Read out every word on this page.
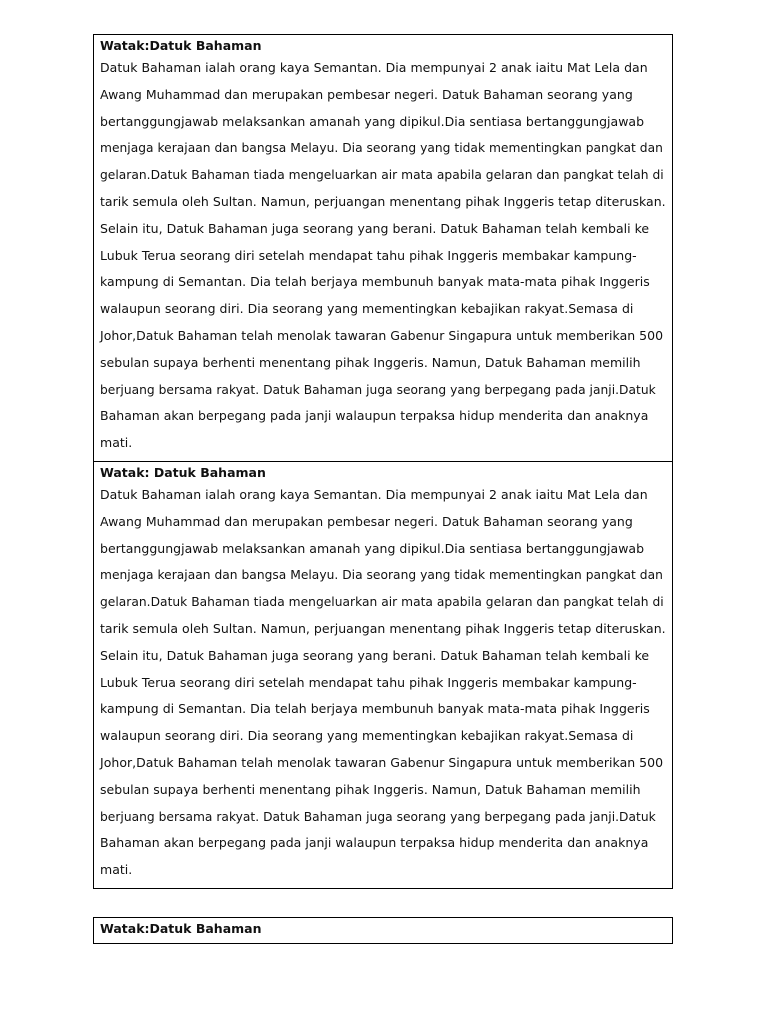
Watak:Datuk Bahaman
Datuk Bahaman ialah orang kaya Semantan. Dia mempunyai 2 anak iaitu Mat Lela dan
Awang Muhammad dan merupakan pembesar negeri. Datuk Bahaman seorang yang
bertanggungjawab melaksankan amanah yang dipikul.Dia sentiasa bertanggungjawab
menjaga kerajaan dan bangsa Melayu. Dia seorang yang tidak mementingkan pangkat dan
gelaran.Datuk Bahaman tiada mengeluarkan air mata apabila gelaran dan pangkat telah di
tarik semula oleh Sultan. Namun, perjuangan menentang pihak Inggeris tetap diteruskan.
Selain itu, Datuk Bahaman juga seorang yang berani. Datuk Bahaman telah kembali ke
Lubuk Terua seorang diri setelah mendapat tahu pihak Inggeris membakar kampung-
kampung di Semantan. Dia telah berjaya membunuh banyak mata-mata pihak Inggeris
walaupun seorang diri. Dia seorang yang mementingkan kebajikan rakyat.Semasa di
Johor,Datuk Bahaman telah menolak tawaran Gabenur Singapura untuk memberikan 500
sebulan supaya berhenti menentang pihak Inggeris. Namun, Datuk Bahaman memilih
berjuang bersama rakyat. Datuk Bahaman juga seorang yang berpegang pada janji.Datuk
Bahaman akan berpegang pada janji walaupun terpaksa hidup menderita dan anaknya
mati.
Watak: Datuk Bahaman
Datuk Bahaman ialah orang kaya Semantan. Dia mempunyai 2 anak iaitu Mat Lela dan
Awang Muhammad dan merupakan pembesar negeri. Datuk Bahaman seorang yang
bertanggungjawab melaksankan amanah yang dipikul.Dia sentiasa bertanggungjawab
menjaga kerajaan dan bangsa Melayu. Dia seorang yang tidak mementingkan pangkat dan
gelaran.Datuk Bahaman tiada mengeluarkan air mata apabila gelaran dan pangkat telah di
tarik semula oleh Sultan. Namun, perjuangan menentang pihak Inggeris tetap diteruskan.
Selain itu, Datuk Bahaman juga seorang yang berani. Datuk Bahaman telah kembali ke
Lubuk Terua seorang diri setelah mendapat tahu pihak Inggeris membakar kampung-
kampung di Semantan. Dia telah berjaya membunuh banyak mata-mata pihak Inggeris
walaupun seorang diri. Dia seorang yang mementingkan kebajikan rakyat.Semasa di
Johor,Datuk Bahaman telah menolak tawaran Gabenur Singapura untuk memberikan 500
sebulan supaya berhenti menentang pihak Inggeris. Namun, Datuk Bahaman memilih
berjuang bersama rakyat. Datuk Bahaman juga seorang yang berpegang pada janji.Datuk
Bahaman akan berpegang pada janji walaupun terpaksa hidup menderita dan anaknya
mati.
Watak:Datuk Bahaman
